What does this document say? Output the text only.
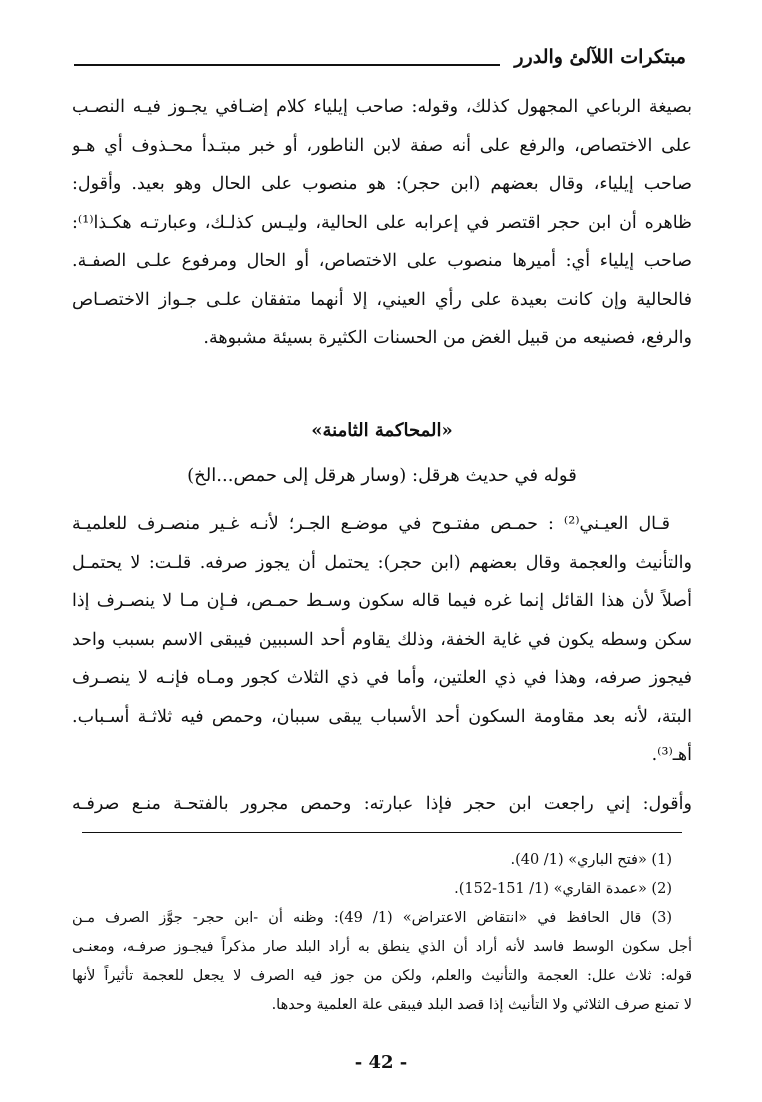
مبتكرات اللآلئ والدرر
بصيغة الرباعي المجهول كذلك، وقوله: صاحب إيلياء كلام إضـافي يجـوز فيـه النصـب
على الاختصاص، والرفع على أنه صفة لابن الناطور، أو خبر مبتـدأ محـذوف أي هـو
صاحب إيلياء، وقال بعضهم (ابن حجر): هو منصوب على الحال وهو بعيد. وأقول:
ظاهره أن ابن حجر اقتصر في إعرابه على الحالية، وليـس كذلـك، وعبارتـه هكـذا⁽¹⁾:
صاحب إيلياء أي: أميرها منصوب على الاختصاص، أو الحال ومرفوع علـى الصفـة.
فالحالية وإن كانت بعيدة على رأي العيني، إلا أنهما متفقان علـى جـواز الاختصـاص
والرفع، فصنيعه من قبيل الغض من الحسنات الكثيرة بسيئة مشبوهة.
«المحاكمة الثامنة»
قوله في حديث هرقل: (وسار هرقل إلى حمص...الخ)
قـال العيـني⁽²⁾ : حمـص مفتـوح في موضـع الجـر؛ لأنـه غـير منصـرف للعلميـة
والتأنيث والعجمة وقال بعضهم (ابن حجر): يحتمل أن يجوز صرفه. قلـت: لا يحتمـل
أصلاً لأن هذا القائل إنما غره فيما قاله سكون وسـط حمـص، فـإن مـا لا ينصـرف إذا
سكن وسطه يكون في غاية الخفة، وذلك يقاوم أحد السببين فيبقى الاسم بسبب واحد
فيجوز صرفه، وهذا في ذي العلتين، وأما في ذي الثلاث كجور ومـاه فإنـه لا ينصـرف
البتة، لأنه بعد مقاومة السكون أحد الأسباب يبقى سببان، وحمص فيه ثلاثـة أسـباب.
أهـ⁽³⁾.
وأقول: إني راجعت ابن حجر فإذا عبارته: وحمص مجرور بالفتحـة منـع صرفـه
(1) «فتح الباري» (1/ 40).
(2) «عمدة القاري» (1/ 151-152).
(3) قال الحافظ في «انتقاض الاعتراض» (1/ 49): وظنه أن -ابن حجر- جوَّز الصرف مـن
أجل سكون الوسط فاسد لأنه أراد أن الذي ينطق به أراد البلد صار مذكراً فيجـوز صرفـه، ومعنـى
قوله: ثلاث علل: العجمة والتأنيث والعلم، ولكن من جوز فيه الصرف لا يجعل للعجمة تأثيراً لأنها
لا تمنع صرف الثلاثي ولا التأنيث إذا قصد البلد فيبقى علة العلمية وحدها.
- 42 -
